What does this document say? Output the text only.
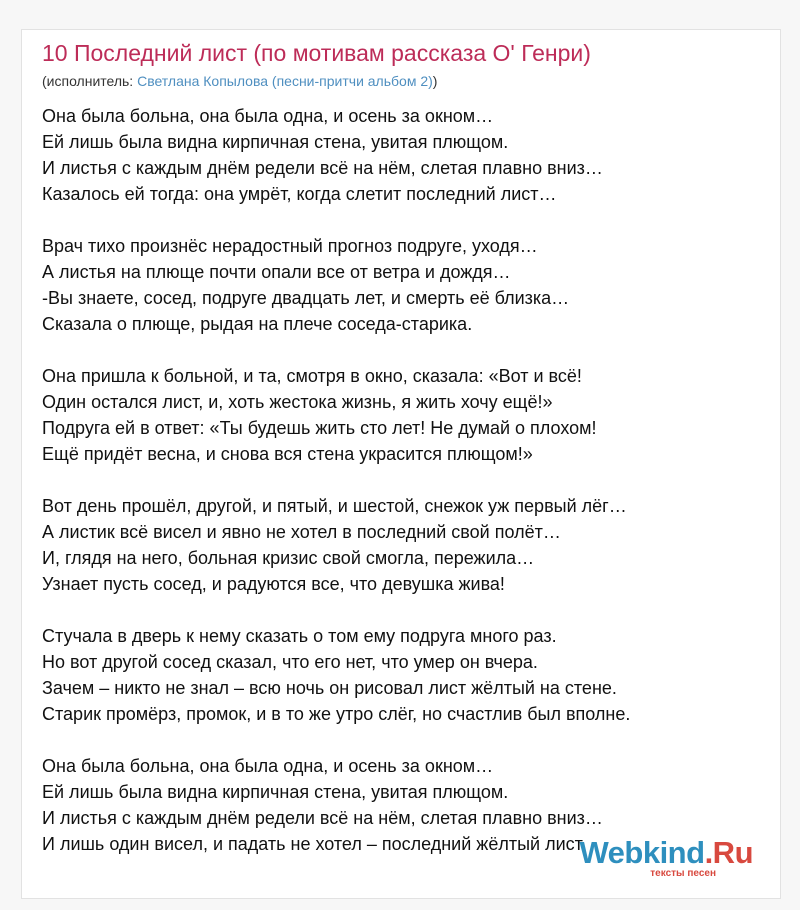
10 Последний лист (по мотивам рассказа О' Генри)
(исполнитель: Светлана Копылова (песни-притчи альбом 2))
Она была больна, она была одна, и осень за окном…
Ей лишь была видна кирпичная стена, увитая плющом.
И листья с каждым днём редели всё на нём, слетая плавно вниз…
Казалось ей тогда: она умрёт, когда слетит последний лист…
Врач тихо произнёс нерадостный прогноз подруге, уходя…
А листья на плюще почти опали все от ветра и дождя…
-Вы знаете, сосед, подруге двадцать лет, и смерть её близка…
Сказала о плюще, рыдая на плече соседа-старика.
Она пришла к больной, и та, смотря в окно, сказала: «Вот и всё!
Один остался лист, и, хоть жестока жизнь, я жить хочу ещё!»
Подруга ей в ответ: «Ты будешь жить сто лет! Не думай о плохом!
Ещё придёт весна, и снова вся стена украсится плющом!»
Вот день прошёл, другой, и пятый, и шестой, снежок уж первый лёг…
А листик всё висел и явно не хотел в последний свой полёт…
И, глядя на него, больная кризис свой смогла, пережила…
Узнает пусть сосед, и радуются все, что девушка жива!
Стучала в дверь к нему сказать о том ему подруга много раз.
Но вот другой сосед сказал, что его нет, что умер он вчера.
Зачем – никто не знал – всю ночь он рисовал лист жёлтый на стене.
Старик промёрз, промок, и в то же утро слёг, но счастлив был вполне.
Она была больна, она была одна, и осень за окном…
Ей лишь была видна кирпичная стена, увитая плющом.
И листья с каждым днём редели всё на нём, слетая плавно вниз…
И лишь один висел, и падать не хотел – последний жёлтый лист.
Webkind.Ru
тексты песен
